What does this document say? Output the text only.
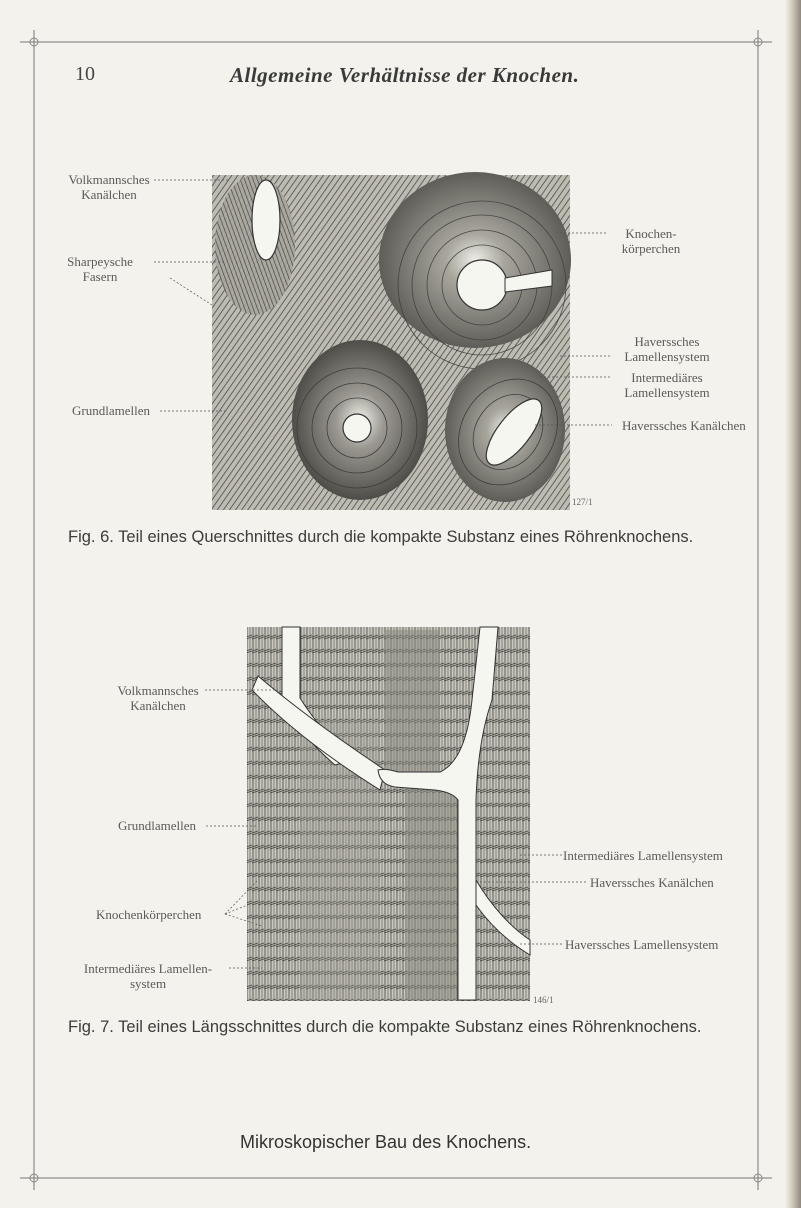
10	Allgemeine Verhältnisse der Knochen.
Volkmannsches
Kanälchen
Sharpeysche
Fasern
Grundlamellen
Knochen-
körperchen
Haverssches
Lamellensystem
Intermediäres
Lamellensystem
Haverssches Kanälchen
127/1
Fig. 6. Teil eines Querschnittes durch die kompakte Substanz eines Röhrenknochens.
Volkmannsches
Kanälchen
Grundlamellen
Knochenkörperchen
Intermediäres Lamellen-
system
Intermediäres Lamellensystem
Haverssches Kanälchen
Haverssches Lamellensystem
146/1
Fig. 7. Teil eines Längsschnittes durch die kompakte Substanz eines Röhrenknochens.
Mikroskopischer Bau des Knochens.
